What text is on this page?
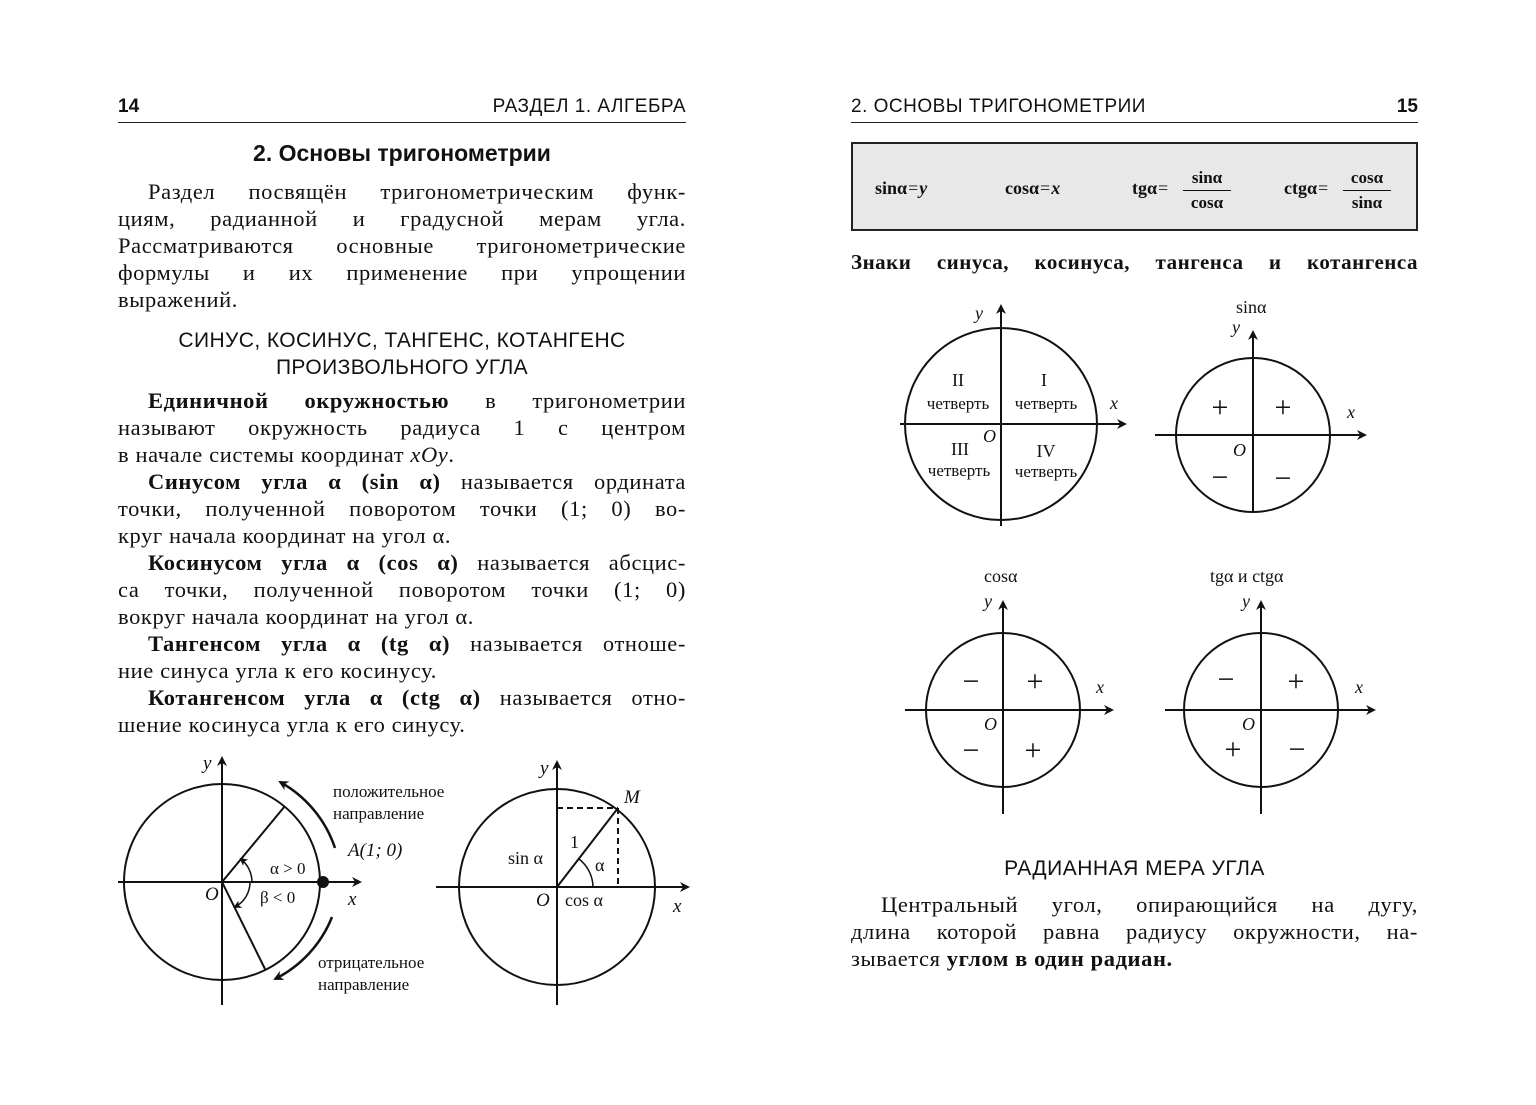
14	РАЗДЕЛ 1. АЛГЕБРА
2. Основы тригонометрии
Раздел посвящён тригонометрическим функ-
циям, радианной и градусной мерам угла.
Рассматриваются основные тригонометрические
формулы и их применение при упрощении
выражений.
СИНУС, КОСИНУС, ТАНГЕНС, КОТАНГЕНС
ПРОИЗВОЛЬНОГО УГЛА
Единичной окружностью в тригонометрии
называют окружность радиуса 1 с центром
в начале системы координат xOy.
Синусом угла α (sin α) называется ордината
точки, полученной поворотом точки (1; 0) во-
круг начала координат на угол α.
Косинусом угла α (cos α) называется абсцис-
са точки, полученной поворотом точки (1; 0)
вокруг начала координат на угол α.
Тангенсом угла α (tg α) называется отноше-
ние синуса угла к его косинусу.
Котангенсом угла α (ctg α) называется отно-
шение косинуса угла к его синусу.
y
x
O
положительное
направление
A(1; 0)
α > 0
β < 0
отрицательное
направление
y
x
O
M
sin α
cos α
1
α
2. ОСНОВЫ ТРИГОНОМЕТРИИ	15
sinα=y	cosα=x	$tg\alpha= \frac{\sin\alpha}{\cos\alpha}$	$ctg\alpha= \frac{\cos\alpha}{\sin\alpha}$
Знаки синуса, косинуса, тангенса и котангенса
y
x
O
II
четверть
I
четверть
III
четверть
IV
четверть
sinα
y
x
O
+ +
− −
cosα
y
x
O
− +
− +
tgα и ctgα
y
x
O
− +
+ −
РАДИАННАЯ МЕРА УГЛА
Центральный угол, опирающийся на дугу,
длина которой равна радиусу окружности, на-
зывается углом в один радиан.
